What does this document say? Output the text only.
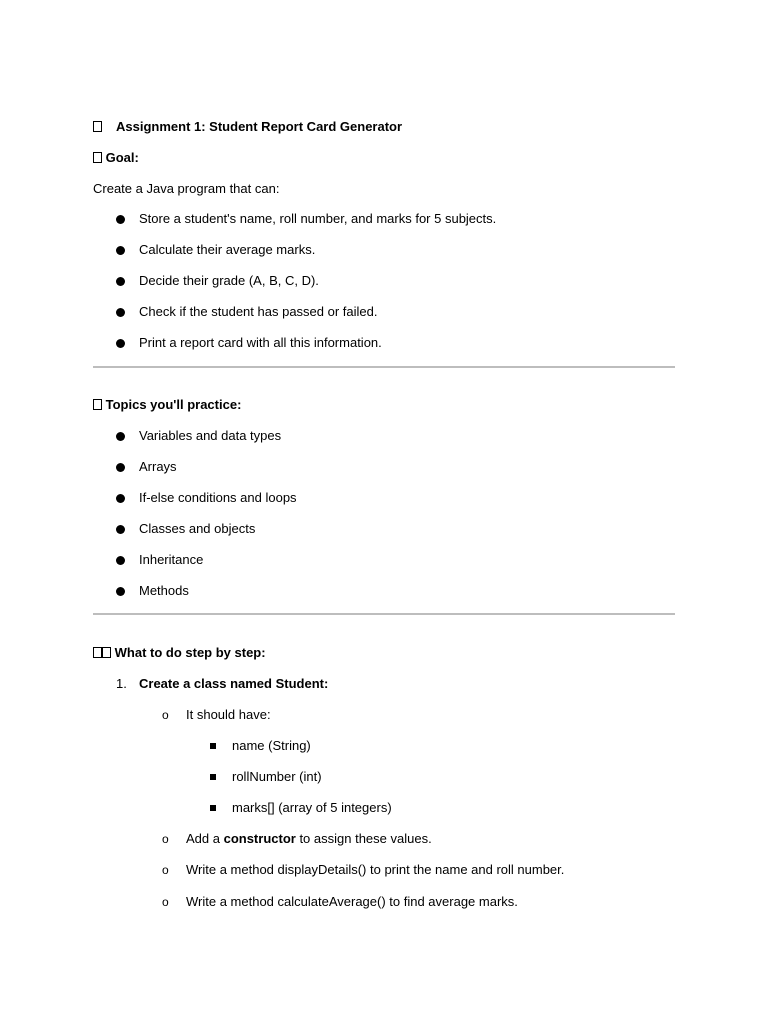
Assignment 1: Student Report Card Generator
Goal:
Create a Java program that can:
Store a student's name, roll number, and marks for 5 subjects.
Calculate their average marks.
Decide their grade (A, B, C, D).
Check if the student has passed or failed.
Print a report card with all this information.
Topics you'll practice:
Variables and data types
Arrays
If-else conditions and loops
Classes and objects
Inheritance
Methods
What to do step by step:
1. Create a class named Student:
o It should have:
name (String)
rollNumber (int)
marks[] (array of 5 integers)
o Add a constructor to assign these values.
o Write a method displayDetails() to print the name and roll number.
o Write a method calculateAverage() to find average marks.
